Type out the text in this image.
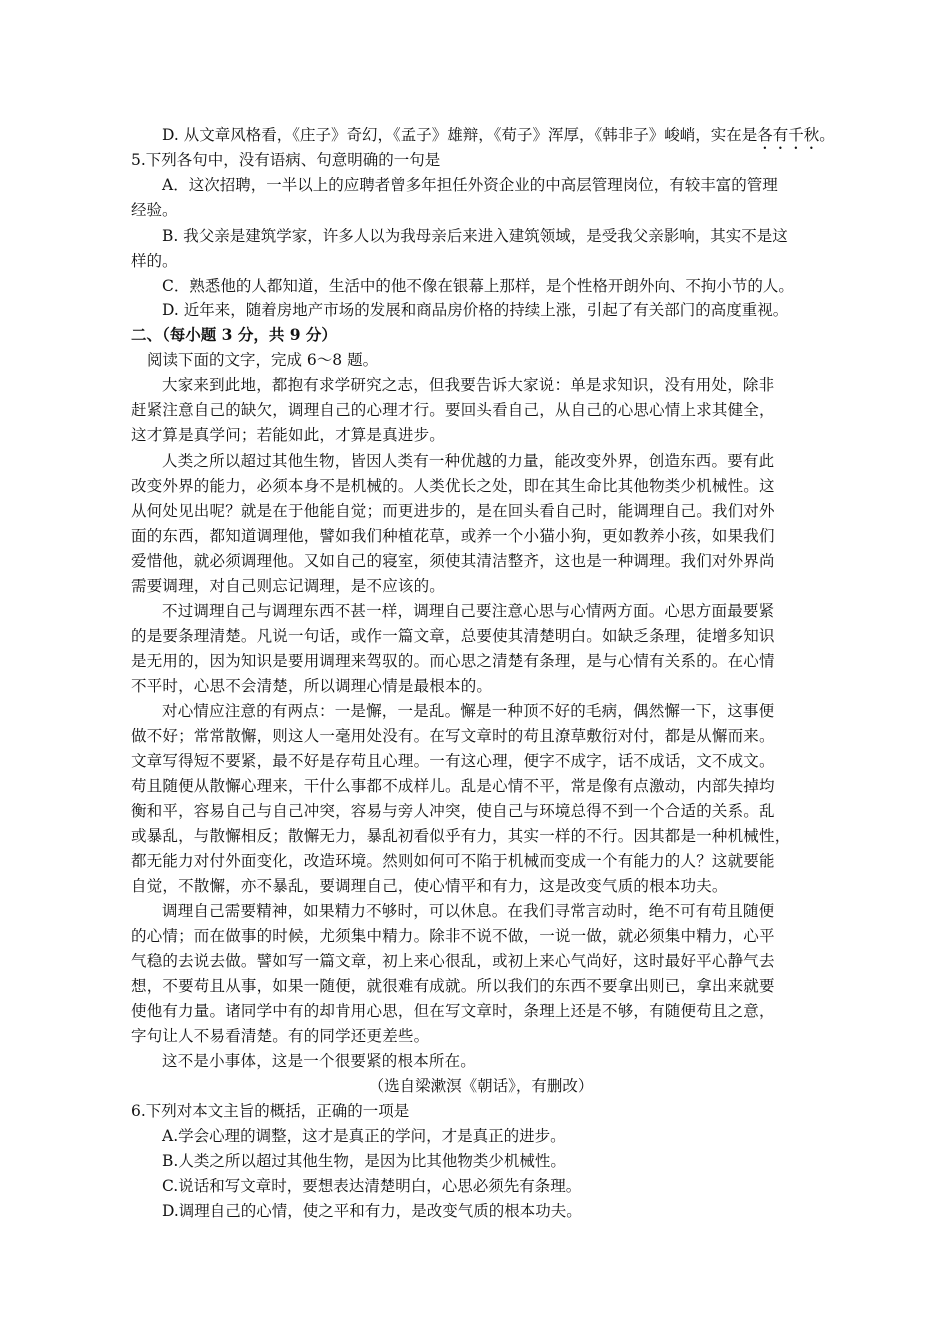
D. 从文章风格看，《庄子》奇幻，《孟子》雄辩，《荀子》浑厚，《韩非子》峻峭，实在是各有千秋。
5.下列各句中，没有语病、句意明确的一句是
A．这次招聘，一半以上的应聘者曾多年担任外资企业的中高层管理岗位，有较丰富的管理
经验。
B. 我父亲是建筑学家，许多人以为我母亲后来进入建筑领域，是受我父亲影响，其实不是这
样的。
C．熟悉他的人都知道，生活中的他不像在银幕上那样，是个性格开朗外向、不拘小节的人。
D. 近年来，随着房地产市场的发展和商品房价格的持续上涨，引起了有关部门的高度重视。
二、（每小题 3 分，共 9 分）
阅读下面的文字，完成 6～8 题。
大家来到此地，都抱有求学研究之志，但我要告诉大家说：单是求知识，没有用处，除非
赶紧注意自己的缺欠，调理自己的心理才行。要回头看自己，从自己的心思心情上求其健全，
这才算是真学问；若能如此，才算是真进步。
人类之所以超过其他生物，皆因人类有一种优越的力量，能改变外界，创造东西。要有此
改变外界的能力，必须本身不是机械的。人类优长之处，即在其生命比其他物类少机械性。这
从何处见出呢？就是在于他能自觉；而更进步的，是在回头看自己时，能调理自己。我们对外
面的东西，都知道调理他，譬如我们种植花草，或养一个小猫小狗，更如教养小孩，如果我们
爱惜他，就必须调理他。又如自己的寝室，须使其清洁整齐，这也是一种调理。我们对外界尚
需要调理，对自己则忘记调理，是不应该的。
不过调理自己与调理东西不甚一样，调理自己要注意心思与心情两方面。心思方面最要紧
的是要条理清楚。凡说一句话，或作一篇文章，总要使其清楚明白。如缺乏条理，徒增多知识
是无用的，因为知识是要用调理来驾驭的。而心思之清楚有条理，是与心情有关系的。在心情
不平时，心思不会清楚，所以调理心情是最根本的。
对心情应注意的有两点：一是懈，一是乱。懈是一种顶不好的毛病，偶然懈一下，这事便
做不好；常常散懈，则这人一毫用处没有。在写文章时的苟且潦草敷衍对付，都是从懈而来。
文章写得短不要紧，最不好是存苟且心理。一有这心理，便字不成字，话不成话，文不成文。
苟且随便从散懈心理来，干什么事都不成样儿。乱是心情不平，常是像有点激动，内部失掉均
衡和平，容易自己与自己冲突，容易与旁人冲突，使自己与环境总得不到一个合适的关系。乱
或暴乱，与散懈相反；散懈无力，暴乱初看似乎有力，其实一样的不行。因其都是一种机械性，
都无能力对付外面变化，改造环境。然则如何可不陷于机械而变成一个有能力的人？这就要能
自觉，不散懈，亦不暴乱，要调理自己，使心情平和有力，这是改变气质的根本功夫。
调理自己需要精神，如果精力不够时，可以休息。在我们寻常言动时，绝不可有苟且随便
的心情；而在做事的时候，尤须集中精力。除非不说不做，一说一做，就必须集中精力，心平
气稳的去说去做。譬如写一篇文章，初上来心很乱，或初上来心气尚好，这时最好平心静气去
想，不要苟且从事，如果一随便，就很难有成就。所以我们的东西不要拿出则已，拿出来就要
使他有力量。诸同学中有的却肯用心思，但在写文章时，条理上还是不够，有随便苟且之意，
字句让人不易看清楚。有的同学还更差些。
这不是小事体，这是一个很要紧的根本所在。
（选自梁漱溟《朝话》，有删改）
6.下列对本文主旨的概括，正确的一项是
A.学会心理的调整，这才是真正的学问，才是真正的进步。
B.人类之所以超过其他生物，是因为比其他物类少机械性。
C.说话和写文章时，要想表达清楚明白，心思必须先有条理。
D.调理自己的心情，使之平和有力，是改变气质的根本功夫。
